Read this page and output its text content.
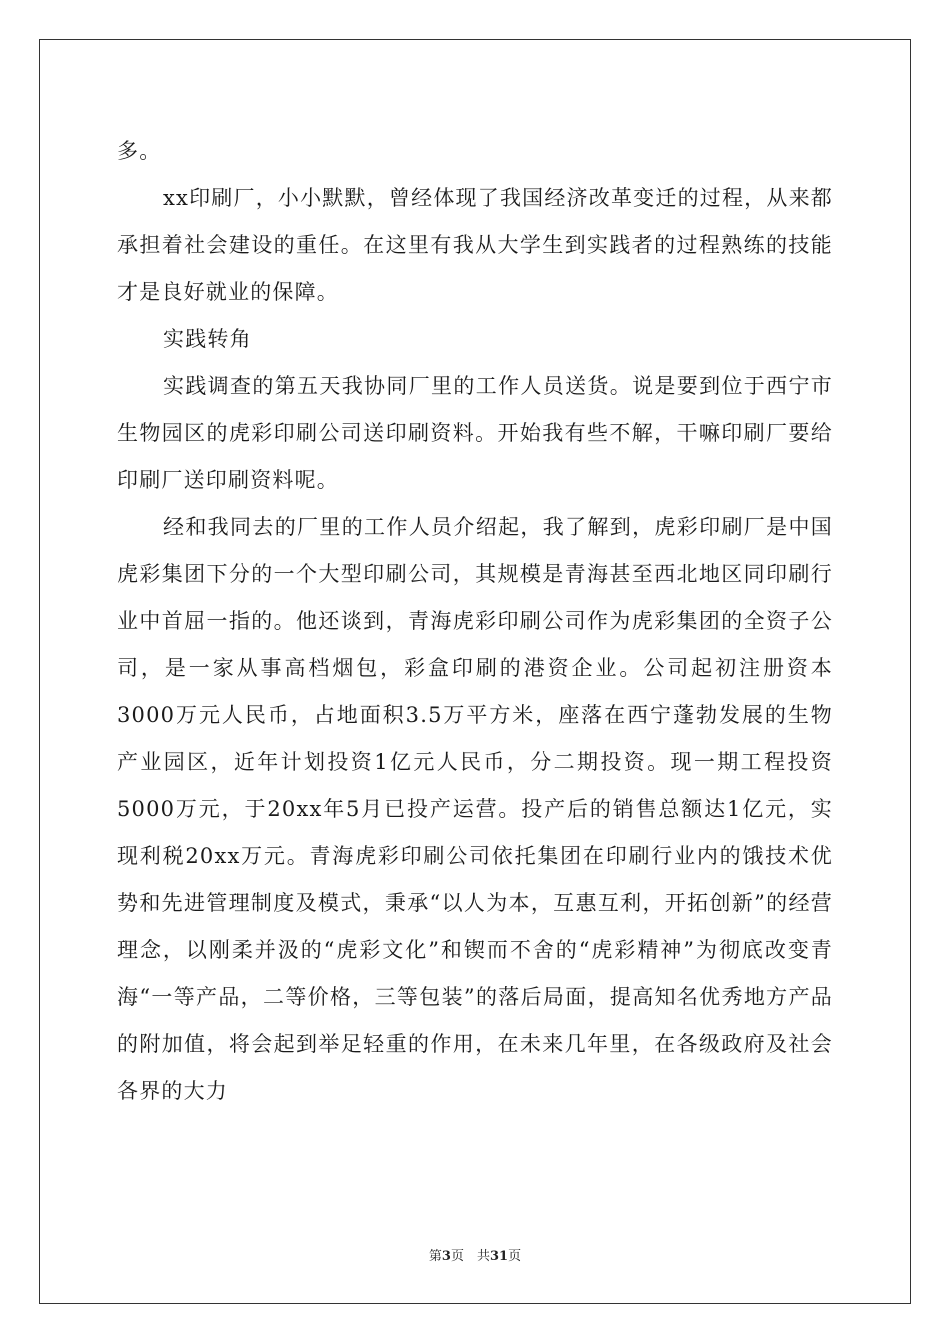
多。

xx印刷厂，小小默默，曾经体现了我国经济改革变迁的过程，从来都承担着社会建设的重任。在这里有我从大学生到实践者的过程熟练的技能才是良好就业的保障。

实践转角

实践调查的第五天我协同厂里的工作人员送货。说是要到位于西宁市生物园区的虎彩印刷公司送印刷资料。开始我有些不解，干嘛印刷厂要给印刷厂送印刷资料呢。

经和我同去的厂里的工作人员介绍起，我了解到，虎彩印刷厂是中国虎彩集团下分的一个大型印刷公司，其规模是青海甚至西北地区同印刷行业中首屈一指的。他还谈到，青海虎彩印刷公司作为虎彩集团的全资子公司，是一家从事高档烟包，彩盒印刷的港资企业。公司起初注册资本3000万元人民币，占地面积3.5万平方米，座落在西宁蓬勃发展的生物产业园区，近年计划投资1亿元人民币，分二期投资。现一期工程投资5000万元，于20xx年5月已投产运营。投产后的销售总额达1亿元，实现利税20xx万元。青海虎彩印刷公司依托集团在印刷行业内的饿技术优势和先进管理制度及模式，秉承“以人为本，互惠互利，开拓创新”的经营理念，以刚柔并汲的“虎彩文化”和锲而不舍的“虎彩精神”为彻底改变青海“一等产品，二等价格，三等包装”的落后局面，提高知名优秀地方产品的附加值，将会起到举足轻重的作用，在未来几年里，在各级政府及社会各界的大力

第3页　共31页
